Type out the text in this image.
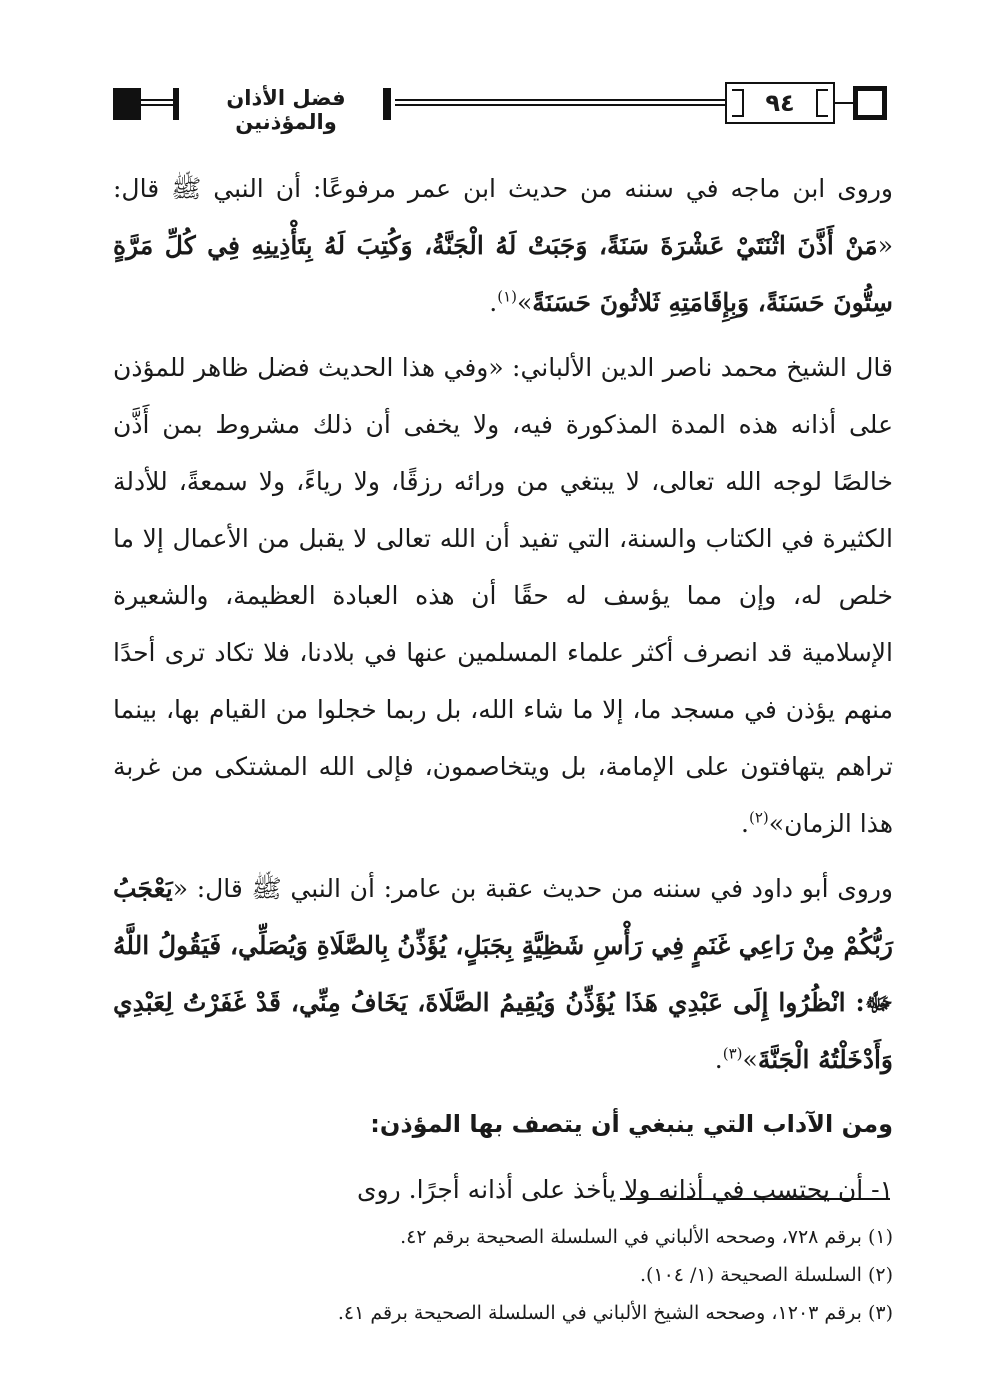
٩٤
فضل الأذان والمؤذنين

وروى ابن ماجه في سننه من حديث ابن عمر مرفوعًا: أن النبي ﷺ قال: «مَنْ أَذَّنَ اثْنَتَيْ عَشْرَةَ سَنَةً، وَجَبَتْ لَهُ الْجَنَّةُ، وَكُتِبَ لَهُ بِتَأْذِينِهِ فِي كُلِّ مَرَّةٍ سِتُّونَ حَسَنَةً، وَبِإِقَامَتِهِ ثَلاثُونَ حَسَنَةً»$^{(١)}$.

قال الشيخ محمد ناصر الدين الألباني: «وفي هذا الحديث فضل ظاهر للمؤذن على أذانه هذه المدة المذكورة فيه، ولا يخفى أن ذلك مشروط بمن أَذَّن خالصًا لوجه الله تعالى، لا يبتغي من ورائه رزقًا، ولا رياءً، ولا سمعةً، للأدلة الكثيرة في الكتاب والسنة، التي تفيد أن الله تعالى لا يقبل من الأعمال إلا ما خلص له، وإن مما يؤسف له حقًا أن هذه العبادة العظيمة، والشعيرة الإسلامية قد انصرف أكثر علماء المسلمين عنها في بلادنا، فلا تكاد ترى أحدًا منهم يؤذن في مسجد ما، إلا ما شاء الله، بل ربما خجلوا من القيام بها، بينما تراهم يتهافتون على الإمامة، بل ويتخاصمون، فإلى الله المشتكى من غربة هذا الزمان»$^{(٢)}$.

وروى أبو داود في سننه من حديث عقبة بن عامر: أن النبي ﷺ قال: «يَعْجَبُ رَبُّكُمْ مِنْ رَاعِي غَنَمٍ فِي رَأْسِ شَظِيَّةٍ بِجَبَلٍ، يُؤَذِّنُ بِالصَّلَاةِ وَيُصَلِّي، فَيَقُولُ اللَّهُ ﷻ: انْظُرُوا إِلَى عَبْدِي هَذَا يُؤَذِّنُ وَيُقِيمُ الصَّلَاةَ، يَخَافُ مِنِّي، قَدْ غَفَرْتُ لِعَبْدِي وَأَدْخَلْتُهُ الْجَنَّةَ»$^{(٣)}$.

ومن الآداب التي ينبغي أن يتصف بها المؤذن:

١- أن يحتسب في أذانه ولا يأخذ على أذانه أجرًا. روى

(١) برقم ٧٢٨، وصححه الألباني في السلسلة الصحيحة برقم ٤٢.
(٢) السلسلة الصحيحة (١/ ١٠٤).
(٣) برقم ١٢٠٣، وصححه الشيخ الألباني في السلسلة الصحيحة برقم ٤١.
